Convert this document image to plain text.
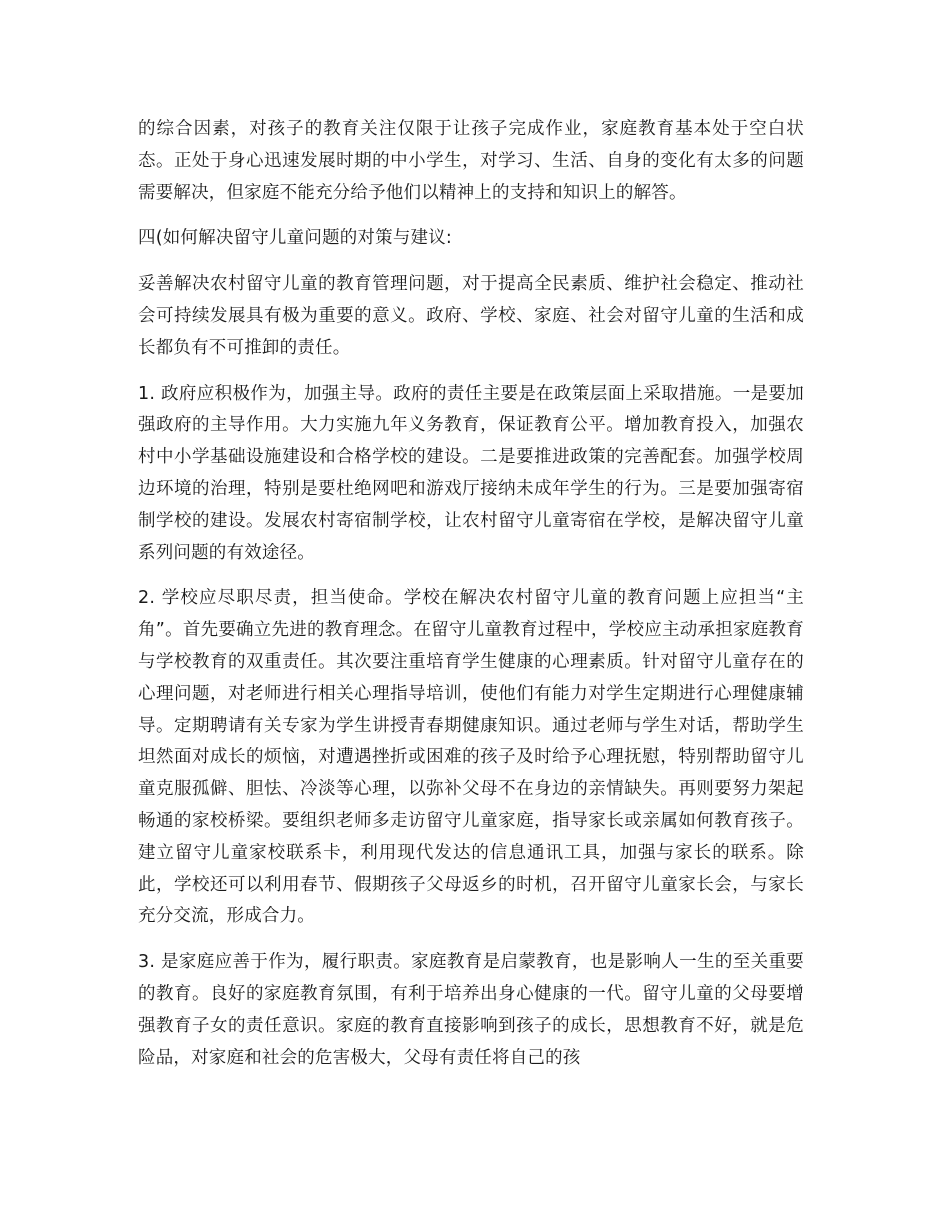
的综合因素，对孩子的教育关注仅限于让孩子完成作业，家庭教育基本处于空白状态。正处于身心迅速发展时期的中小学生，对学习、生活、自身的变化有太多的问题需要解决，但家庭不能充分给予他们以精神上的支持和知识上的解答。

四(如何解决留守儿童问题的对策与建议:

妥善解决农村留守儿童的教育管理问题，对于提高全民素质、维护社会稳定、推动社会可持续发展具有极为重要的意义。政府、学校、家庭、社会对留守儿童的生活和成长都负有不可推卸的责任。

1. 政府应积极作为，加强主导。政府的责任主要是在政策层面上采取措施。一是要加强政府的主导作用。大力实施九年义务教育，保证教育公平。增加教育投入，加强农村中小学基础设施建设和合格学校的建设。二是要推进政策的完善配套。加强学校周边环境的治理，特别是要杜绝网吧和游戏厅接纳未成年学生的行为。三是要加强寄宿制学校的建设。发展农村寄宿制学校，让农村留守儿童寄宿在学校，是解决留守儿童系列问题的有效途径。

2. 学校应尽职尽责，担当使命。学校在解决农村留守儿童的教育问题上应担当“主角”。首先要确立先进的教育理念。在留守儿童教育过程中，学校应主动承担家庭教育与学校教育的双重责任。其次要注重培育学生健康的心理素质。针对留守儿童存在的心理问题，对老师进行相关心理指导培训，使他们有能力对学生定期进行心理健康辅导。定期聘请有关专家为学生讲授青春期健康知识。通过老师与学生对话，帮助学生坦然面对成长的烦恼，对遭遇挫折或困难的孩子及时给予心理抚慰，特别帮助留守儿童克服孤僻、胆怯、冷淡等心理，以弥补父母不在身边的亲情缺失。再则要努力架起畅通的家校桥梁。要组织老师多走访留守儿童家庭，指导家长或亲属如何教育孩子。建立留守儿童家校联系卡，利用现代发达的信息通讯工具，加强与家长的联系。除此，学校还可以利用春节、假期孩子父母返乡的时机，召开留守儿童家长会，与家长充分交流，形成合力。

3. 是家庭应善于作为，履行职责。家庭教育是启蒙教育，也是影响人一生的至关重要的教育。良好的家庭教育氛围，有利于培养出身心健康的一代。留守儿童的父母要增强教育子女的责任意识。家庭的教育直接影响到孩子的成长，思想教育不好，就是危险品，对家庭和社会的危害极大，父母有责任将自己的孩
